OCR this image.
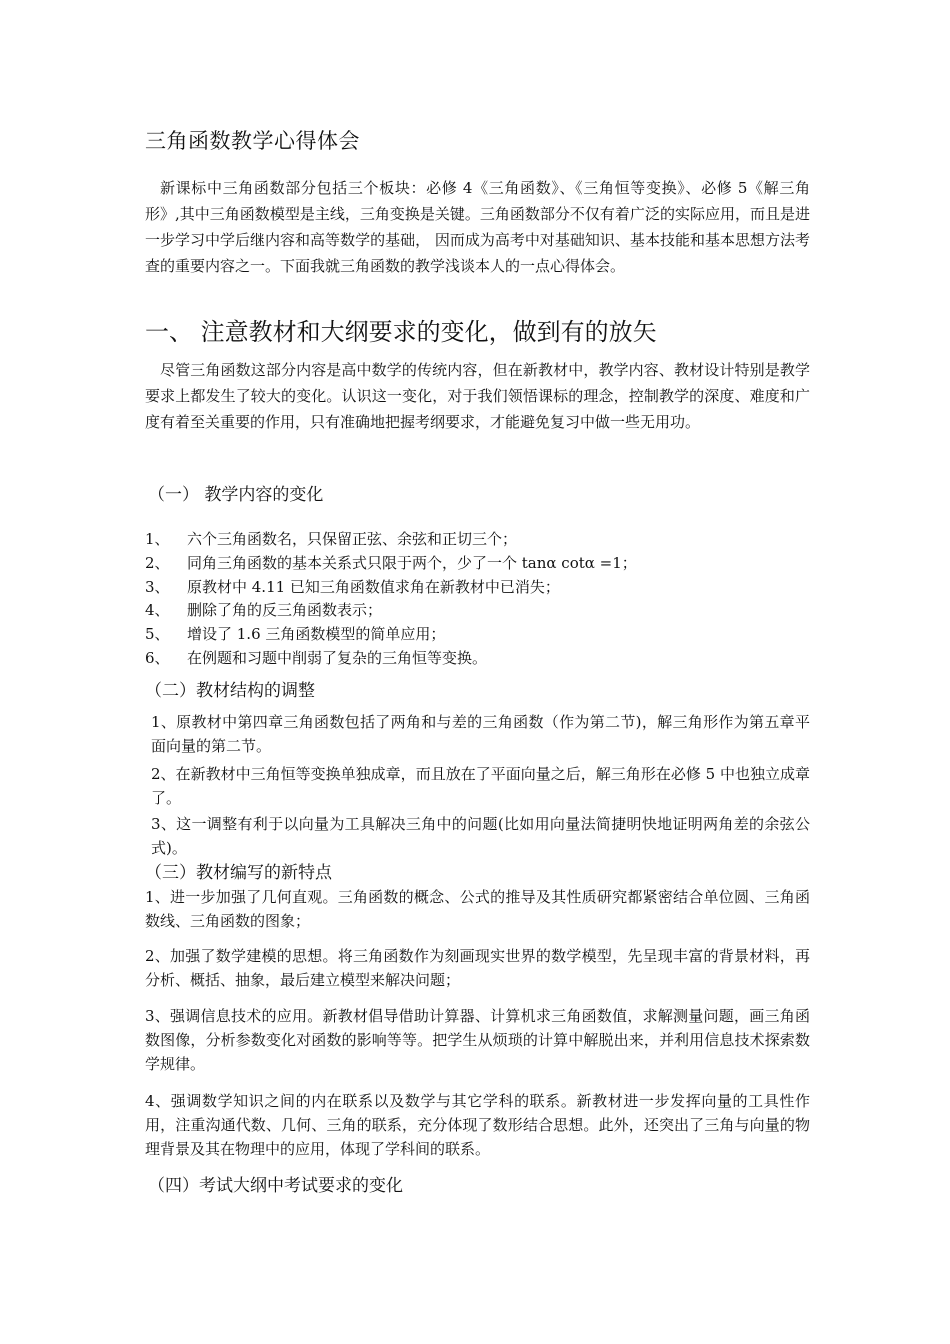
三角函数教学心得体会

新课标中三角函数部分包括三个板块：必修 4《三角函数》、《三角恒等变换》、必修 5《解三角形》,其中三角函数模型是主线，三角变换是关键。三角函数部分不仅有着广泛的实际应用，而且是进一步学习中学后继内容和高等数学的基础， 因而成为高考中对基础知识、基本技能和基本思想方法考查的重要内容之一。下面我就三角函数的教学浅谈本人的一点心得体会。

一、 注意教材和大纲要求的变化，做到有的放矢

尽管三角函数这部分内容是高中数学的传统内容，但在新教材中，教学内容、教材设计特别是教学要求上都发生了较大的变化。认识这一变化，对于我们领悟课标的理念，控制教学的深度、难度和广度有着至关重要的作用，只有准确地把握考纲要求，才能避免复习中做一些无用功。

（一） 教学内容的变化
1、 六个三角函数名，只保留正弦、余弦和正切三个；
2、 同角三角函数的基本关系式只限于两个，少了一个 tanα cotα =1；
3、 原教材中 4.11 已知三角函数值求角在新教材中已消失；
4、 删除了角的反三角函数表示；
5、 增设了 1.6 三角函数模型的简单应用；
6、 在例题和习题中削弱了复杂的三角恒等变换。
（二）教材结构的调整
1、原教材中第四章三角函数包括了两角和与差的三角函数（作为第二节)，解三角形作为第五章平面向量的第二节。
2、在新教材中三角恒等变换单独成章，而且放在了平面向量之后，解三角形在必修 5 中也独立成章了。
3、这一调整有利于以向量为工具解决三角中的问题(比如用向量法简捷明快地证明两角差的余弦公式)。
（三）教材编写的新特点
1、进一步加强了几何直观。三角函数的概念、公式的推导及其性质研究都紧密结合单位圆、三角函数线、三角函数的图象；
2、加强了数学建模的思想。将三角函数作为刻画现实世界的数学模型，先呈现丰富的背景材料，再分析、概括、抽象，最后建立模型来解决问题；
3、强调信息技术的应用。新教材倡导借助计算器、计算机求三角函数值，求解测量问题，画三角函数图像，分析参数变化对函数的影响等等。把学生从烦琐的计算中解脱出来，并利用信息技术探索数学规律。
4、强调数学知识之间的内在联系以及数学与其它学科的联系。新教材进一步发挥向量的工具性作用，注重沟通代数、几何、三角的联系，充分体现了数形结合思想。此外，还突出了三角与向量的物理背景及其在物理中的应用，体现了学科间的联系。
（四）考试大纲中考试要求的变化
